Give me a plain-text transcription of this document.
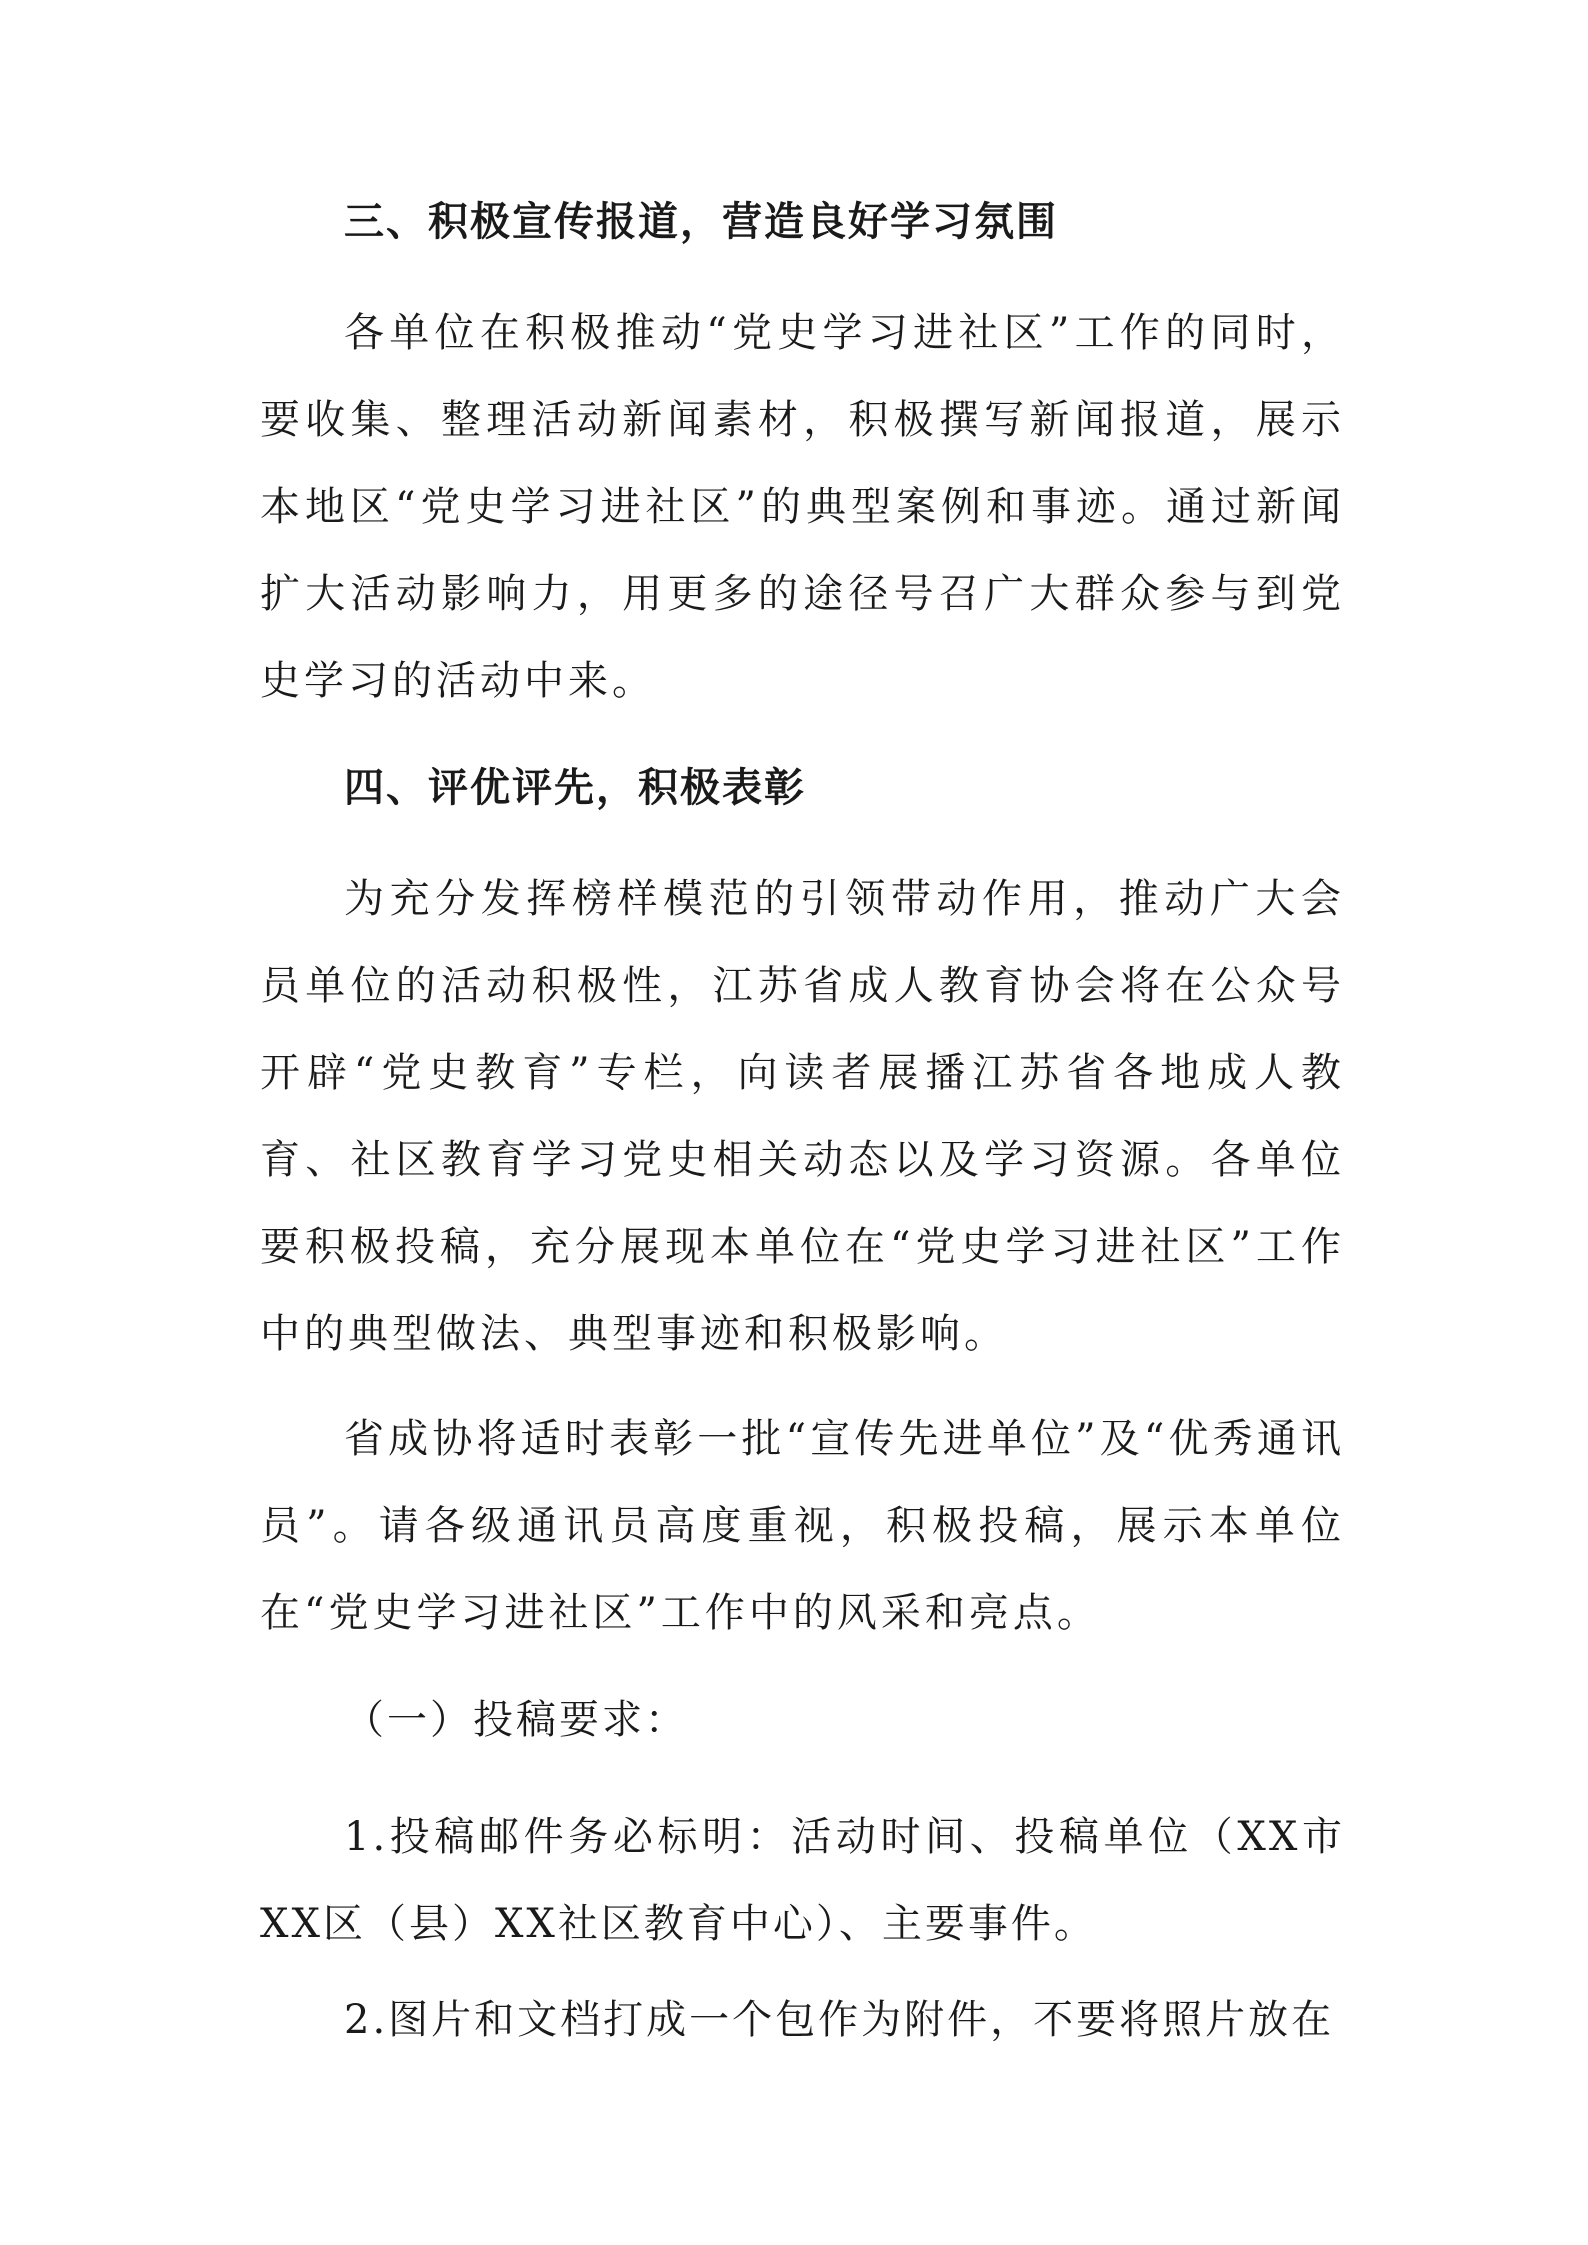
三、积极宣传报道，营造良好学习氛围

各单位在积极推动“党史学习进社区”工作的同时，要收集、整理活动新闻素材，积极撰写新闻报道，展示本地区“党史学习进社区”的典型案例和事迹。通过新闻扩大活动影响力，用更多的途径号召广大群众参与到党史学习的活动中来。

四、评优评先，积极表彰

为充分发挥榜样模范的引领带动作用，推动广大会员单位的活动积极性，江苏省成人教育协会将在公众号开辟“党史教育”专栏，向读者展播江苏省各地成人教育、社区教育学习党史相关动态以及学习资源。各单位要积极投稿，充分展现本单位在“党史学习进社区”工作中的典型做法、典型事迹和积极影响。

省成协将适时表彰一批“宣传先进单位”及“优秀通讯员”。请各级通讯员高度重视，积极投稿，展示本单位在“党史学习进社区”工作中的风采和亮点。

（一）投稿要求：

1.投稿邮件务必标明：活动时间、投稿单位（XX市XX区（县）XX社区教育中心）、主要事件。

2.图片和文档打成一个包作为附件，不要将照片放在
